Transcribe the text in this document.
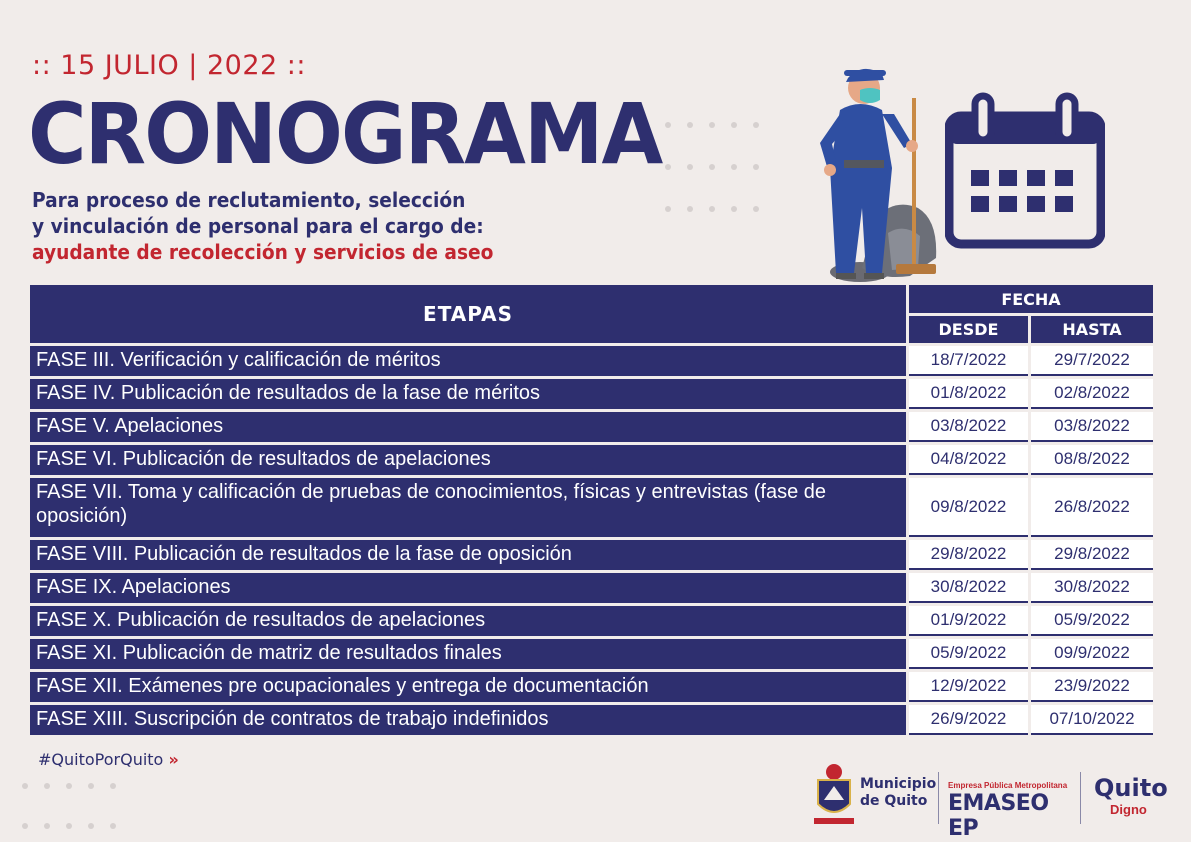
:: 15 JULIO | 2022 ::
CRONOGRAMA
Para proceso de reclutamiento, selección
y vinculación de personal para el cargo de:
ayudante de recolección y servicios de aseo
ETAPAS
FECHA
DESDE	HASTA
FASE III. Verificación y calificación de méritos	18/7/2022	29/7/2022
FASE IV. Publicación de resultados de la fase de méritos	01/8/2022	02/8/2022
FASE V. Apelaciones	03/8/2022	03/8/2022
FASE VI. Publicación de resultados de apelaciones	04/8/2022	08/8/2022
FASE VII. Toma y calificación de pruebas de conocimientos, físicas y entrevistas (fase de oposición)	09/8/2022	26/8/2022
FASE VIII. Publicación de resultados de la fase de oposición	29/8/2022	29/8/2022
FASE IX. Apelaciones	30/8/2022	30/8/2022
FASE X. Publicación de resultados de apelaciones	01/9/2022	05/9/2022
FASE XI. Publicación de matriz de resultados finales	05/9/2022	09/9/2022
FASE XII. Exámenes pre ocupacionales y entrega de documentación	12/9/2022	23/9/2022
FASE XIII. Suscripción de contratos de trabajo indefinidos	26/9/2022	07/10/2022
#QuitoPorQuito »
Municipio
de Quito
Empresa Pública Metropolitana
EMASEO EP
Quito
Digno
